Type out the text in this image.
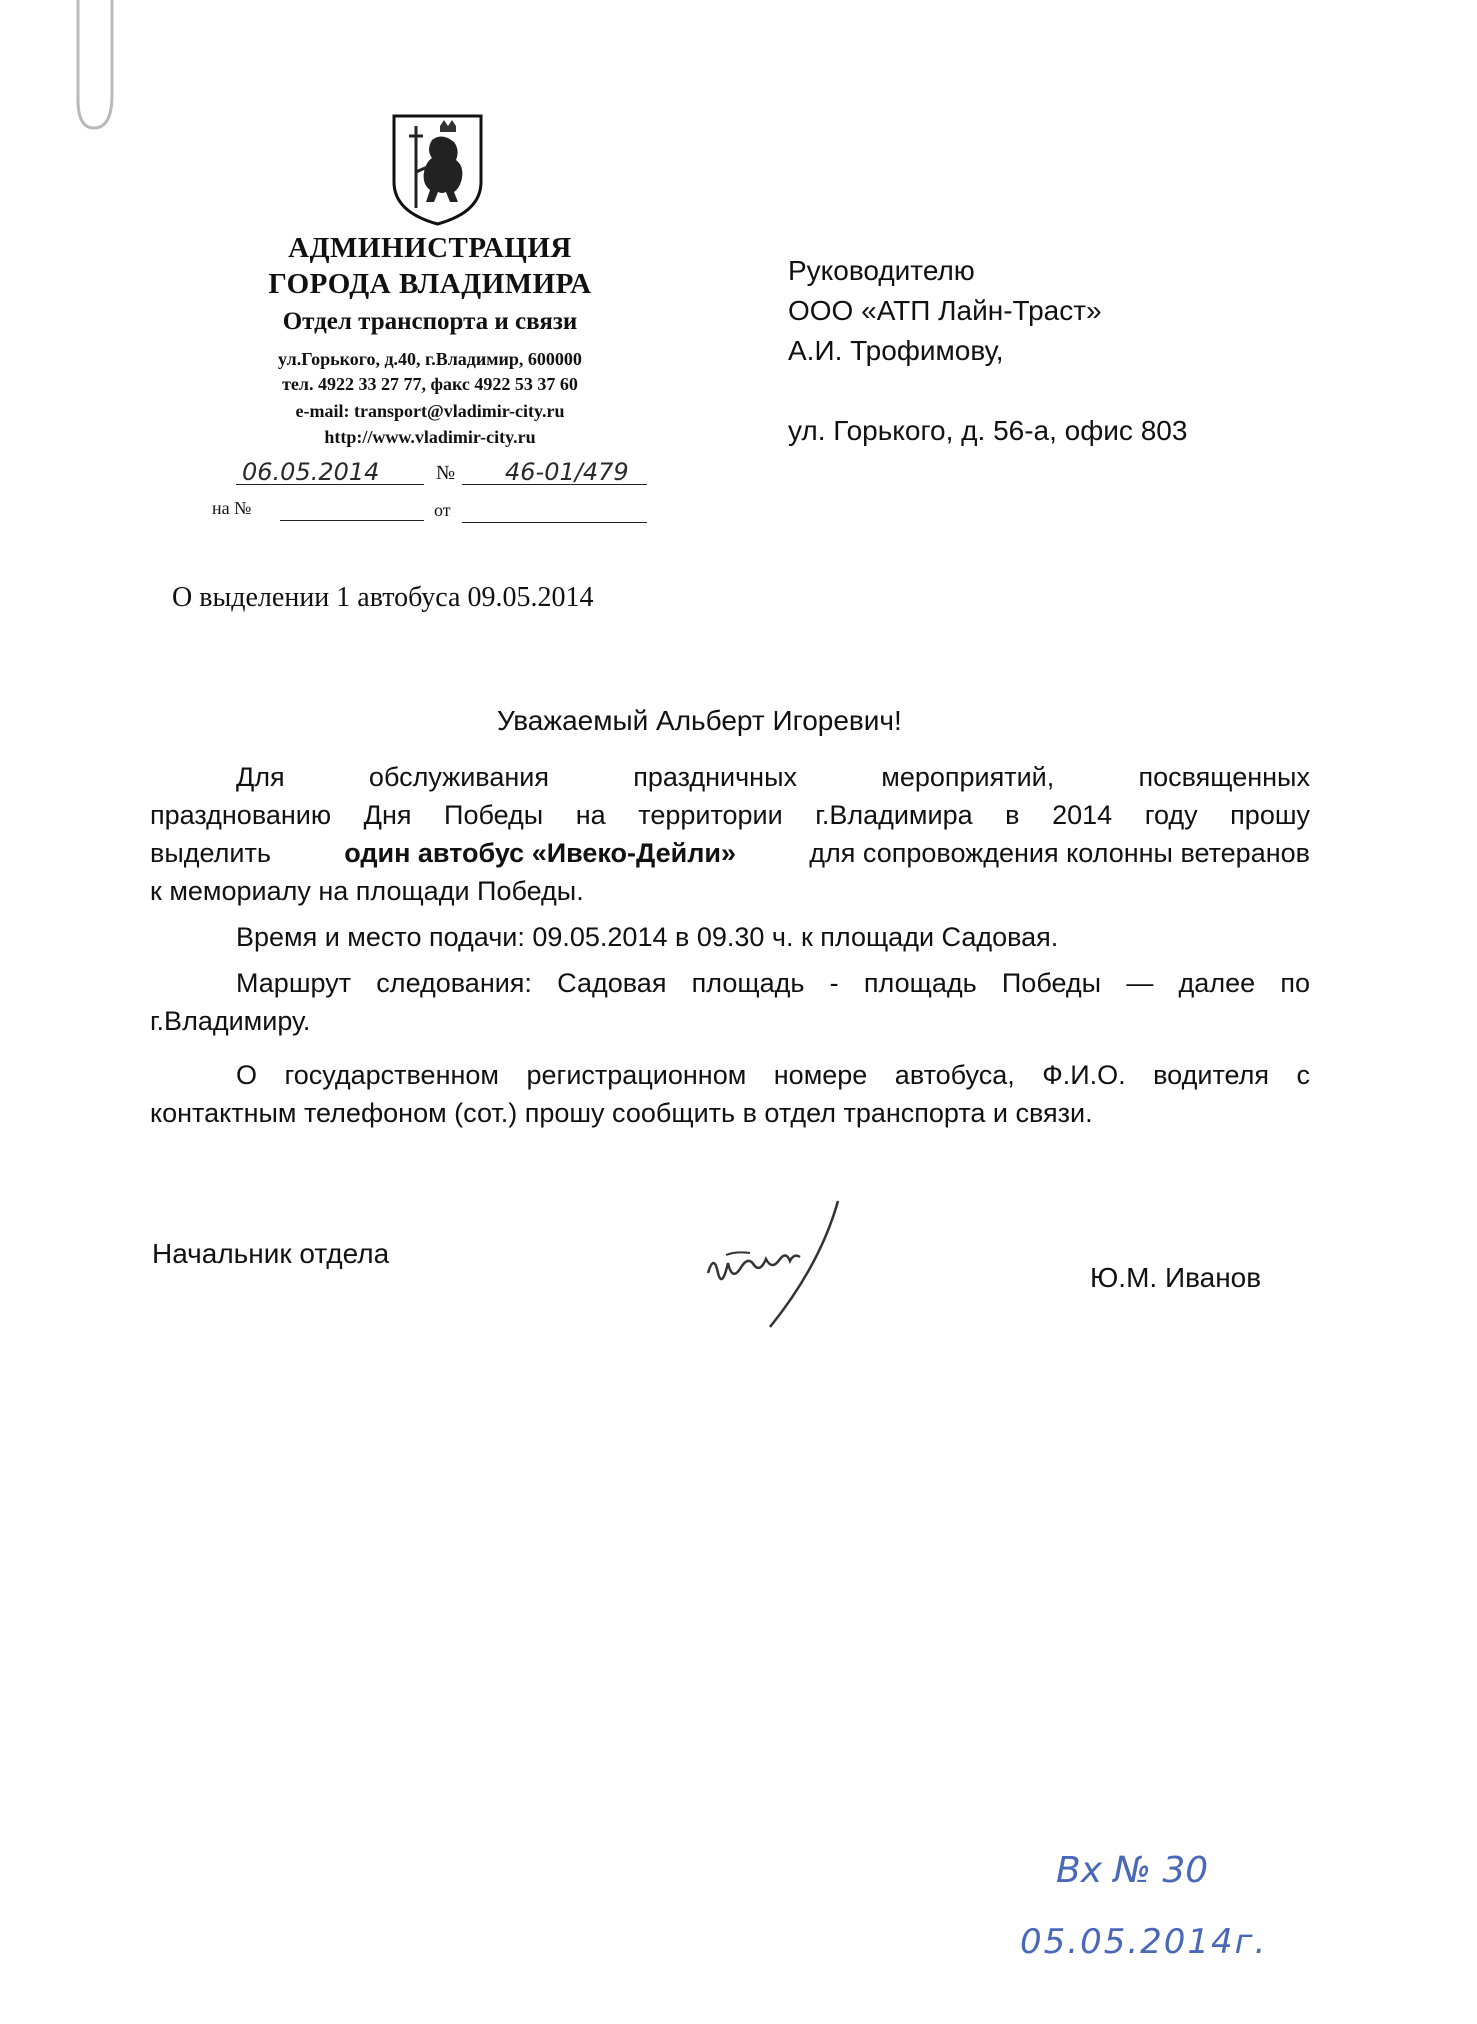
АДМИНИСТРАЦИЯ
ГОРОДА ВЛАДИМИРА
Отдел транспорта и связи
ул.Горького, д.40, г.Владимир, 600000
тел. 4922 33 27 77, факс 4922 53 37 60
e-mail: transport@vladimir-city.ru
http://www.vladimir-city.ru
06.05.2014	№ 46-01/479
на №	от
Руководителю
ООО «АТП Лайн-Траст»
А.И. Трофимову,
ул. Горького, д. 56-а, офис 803
О выделении 1 автобуса 09.05.2014
Уважаемый Альберт Игоревич!
Для	обслуживания	праздничных	мероприятий,	посвященных
празднованию Дня Победы на территории г.Владимира в 2014 году прошу
выделить	один автобус «Ивеко-Дейли»	для сопровождения колонны ветеранов
к мемориалу на площади Победы.
Время и место подачи: 09.05.2014 в 09.30 ч. к площади Садовая.
Маршрут следования: Садовая площадь - площадь Победы — далее по
г.Владимиру.
О государственном регистрационном номере автобуса, Ф.И.О. водителя с
контактным телефоном (сот.) прошу сообщить в отдел транспорта и связи.
Начальник отдела
Ю.М. Иванов
Вх № 30
05.05.2014г.
